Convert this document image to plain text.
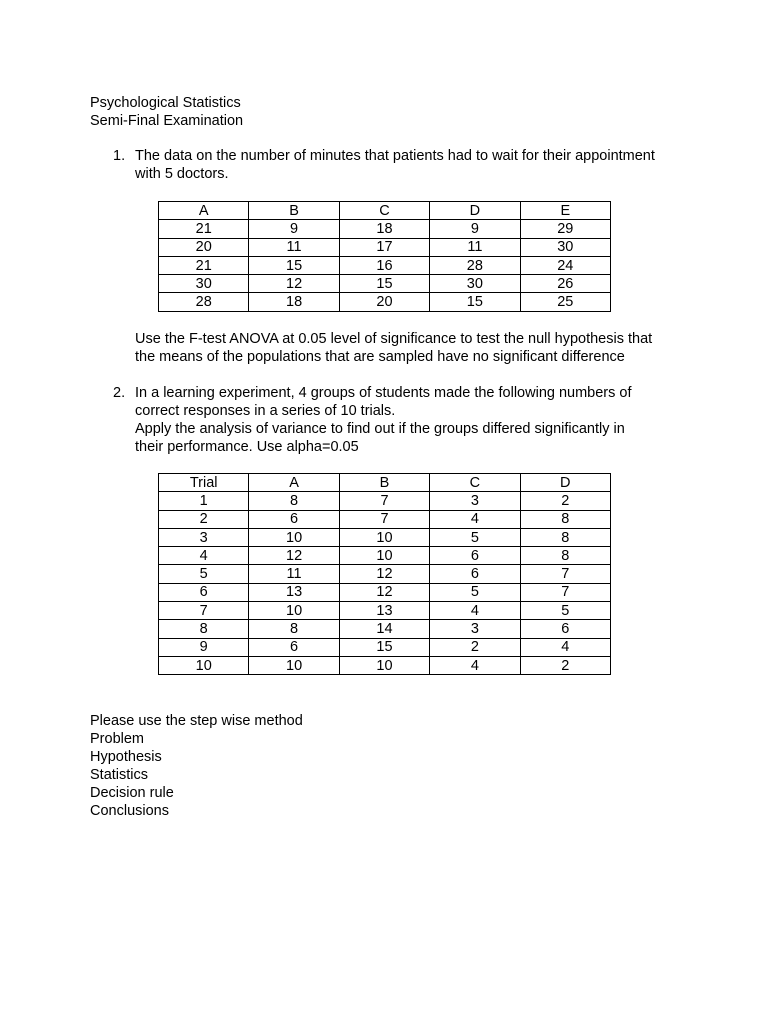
Psychological Statistics
Semi-Final Examination
1. The data on the number of minutes that patients had to wait for their appointment
with 5 doctors.
A	B	C	D	E
21	9	18	9	29
20	11	17	11	30
21	15	16	28	24
30	12	15	30	26
28	18	20	15	25
Use the F-test ANOVA at 0.05 level of significance to test the null hypothesis that
the means of the populations that are sampled have no significant difference
2. In a learning experiment, 4 groups of students made the following numbers of
correct responses in a series of 10 trials.
Apply the analysis of variance to find out if the groups differed significantly in
their performance. Use alpha=0.05
Trial	A	B	C	D
1	8	7	3	2
2	6	7	4	8
3	10	10	5	8
4	12	10	6	8
5	11	12	6	7
6	13	12	5	7
7	10	13	4	5
8	8	14	3	6
9	6	15	2	4
10	10	10	4	2
Please use the step wise method
Problem
Hypothesis
Statistics
Decision rule
Conclusions
